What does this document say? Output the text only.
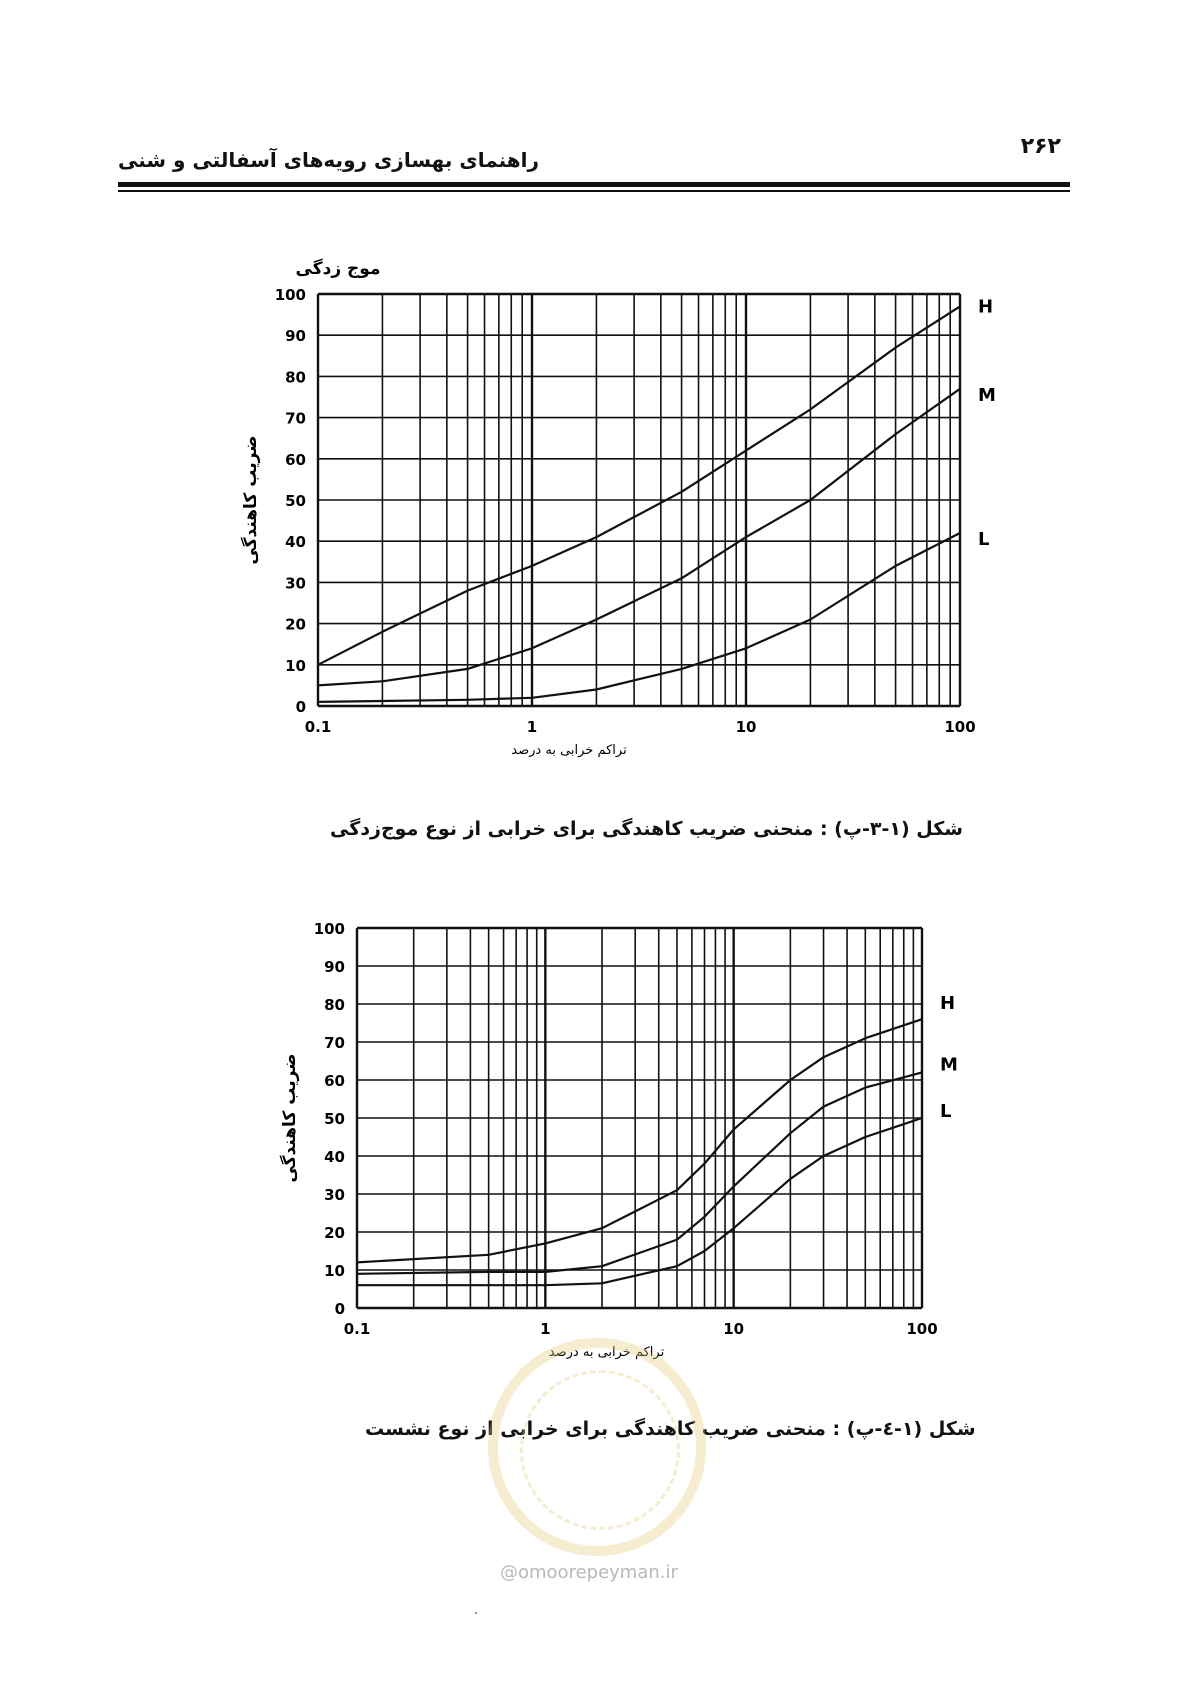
۲۶۲
راهنمای بهسازی رویه‌های آسفالتی و شنی
0
10
20
30
40
50
60
70
80
90
100
0.1	1	10	100
H
M
L
تراکم خرابی به درصد
ضریب کاهندگی
موج زدگی
شکل (۱-۳-پ) : منحنی ضریب کاهندگی برای خرابی از نوع موج‌زدگی
0
10
20
30
40
50
60
70
80
90
100
0.1	1	10	100
H
M
L
تراکم خرابی به درصد
ضریب کاهندگی
شکل (۱-٤-پ) : منحنی ضریب کاهندگی برای خرابی از نوع نشست
@omoorepeyman.ir
